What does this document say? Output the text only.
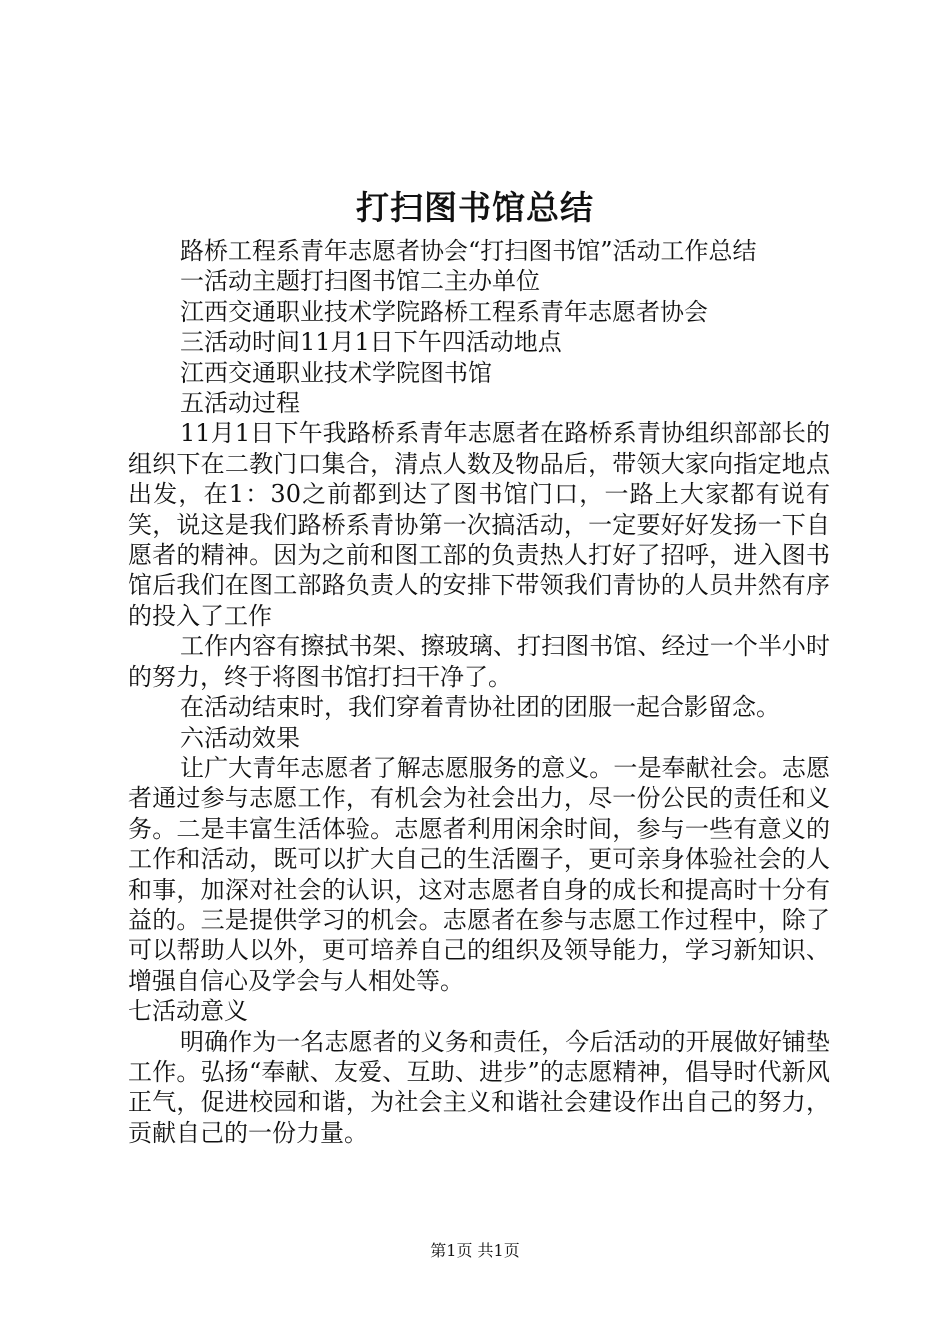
打扫图书馆总结

路桥工程系青年志愿者协会“打扫图书馆”活动工作总结

一活动主题打扫图书馆二主办单位

江西交通职业技术学院路桥工程系青年志愿者协会

三活动时间11月1日下午四活动地点

江西交通职业技术学院图书馆

五活动过程

11月1日下午我路桥系青年志愿者在路桥系青协组织部部长的组织下在二教门口集合，清点人数及物品后，带领大家向指定地点出发，在1：30之前都到达了图书馆门口，一路上大家都有说有笑，说这是我们路桥系青协第一次搞活动，一定要好好发扬一下自愿者的精神。因为之前和图工部的负责热人打好了招呼，进入图书馆后我们在图工部路负责人的安排下带领我们青协的人员井然有序的投入了工作

工作内容有擦拭书架、擦玻璃、打扫图书馆、经过一个半小时的努力，终于将图书馆打扫干净了。

在活动结束时，我们穿着青协社团的团服一起合影留念。

六活动效果

让广大青年志愿者了解志愿服务的意义。一是奉献社会。志愿者通过参与志愿工作，有机会为社会出力，尽一份公民的责任和义务。二是丰富生活体验。志愿者利用闲余时间，参与一些有意义的工作和活动，既可以扩大自己的生活圈子，更可亲身体验社会的人和事，加深对社会的认识，这对志愿者自身的成长和提高时十分有益的。三是提供学习的机会。志愿者在参与志愿工作过程中，除了可以帮助人以外，更可培养自己的组织及领导能力，学习新知识、增强自信心及学会与人相处等。

七活动意义

明确作为一名志愿者的义务和责任，今后活动的开展做好铺垫工作。弘扬“奉献、友爱、互助、进步”的志愿精神，倡导时代新风正气，促进校园和谐，为社会主义和谐社会建设作出自己的努力，贡献自己的一份力量。

第1页 共1页
